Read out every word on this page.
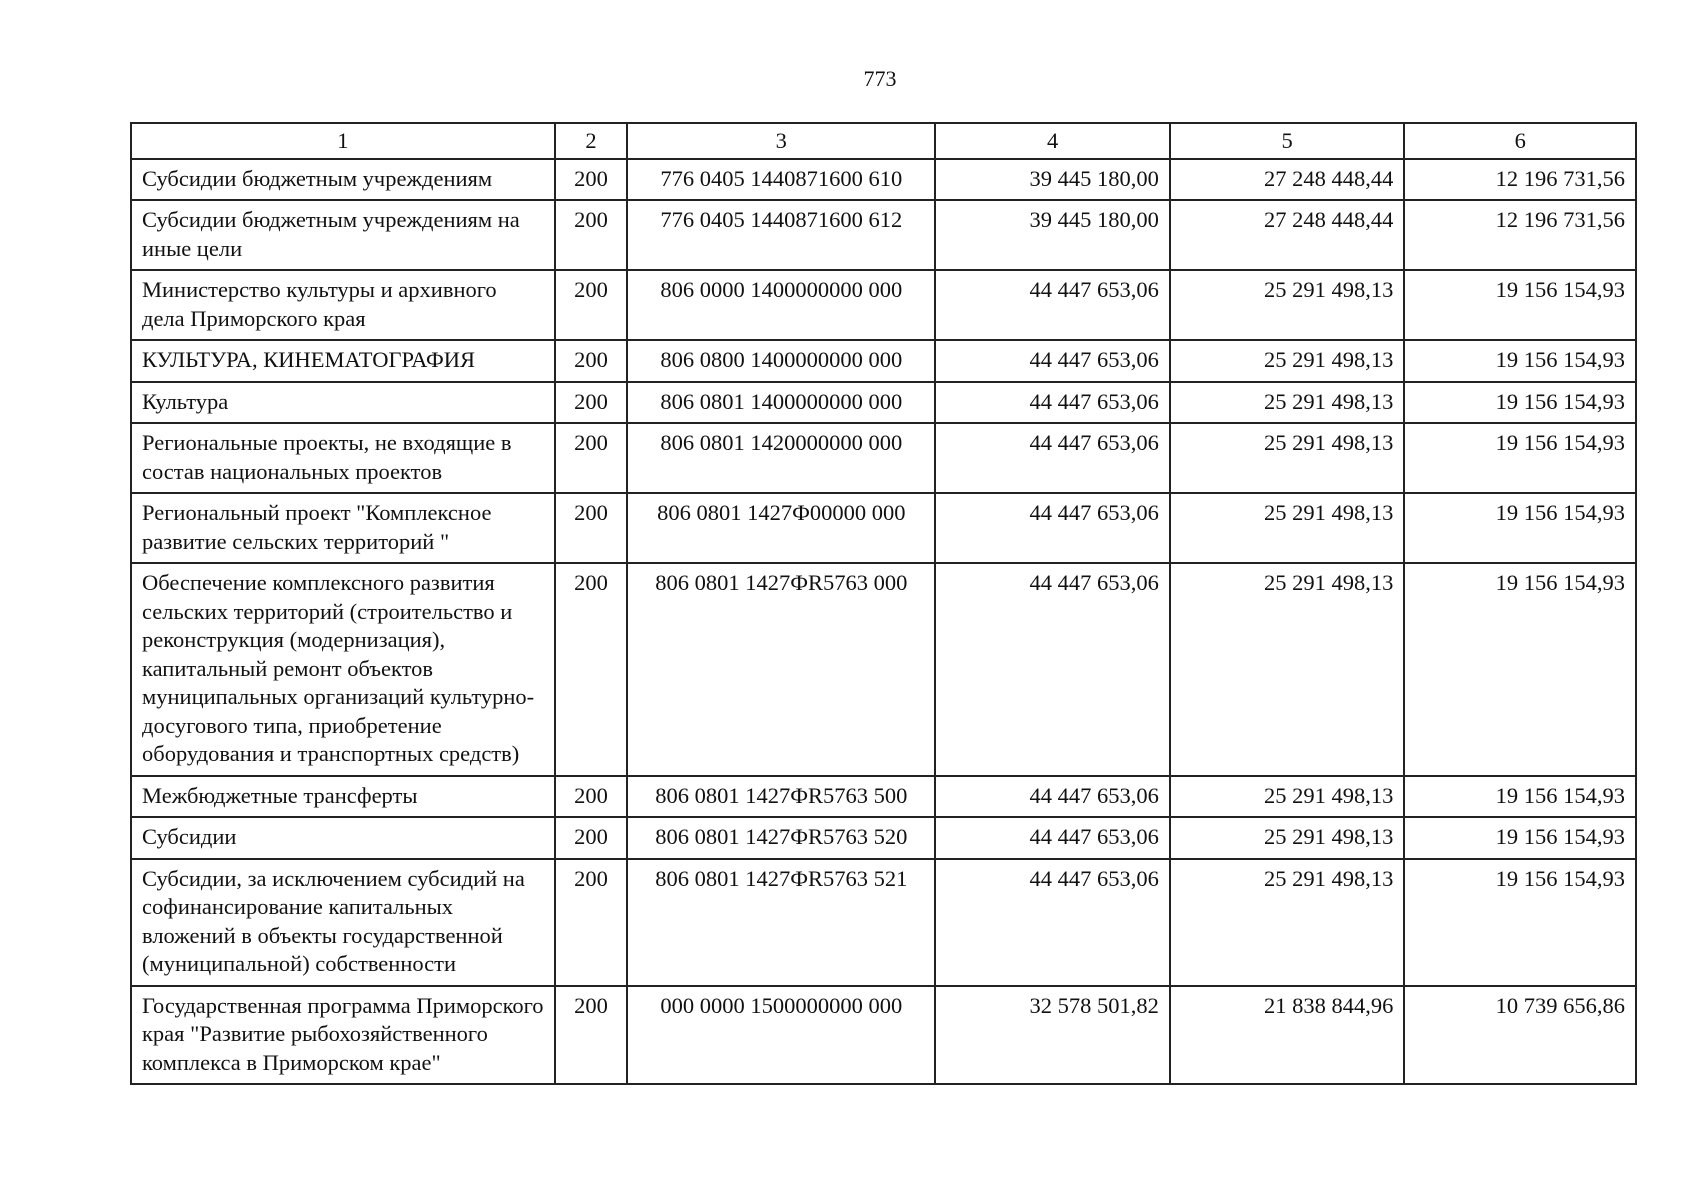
773
1	2	3	4	5	6
Субсидии бюджетным учреждениям	200	776 0405 1440871600 610	39 445 180,00	27 248 448,44	12 196 731,56
Субсидии бюджетным учреждениям на иные цели	200	776 0405 1440871600 612	39 445 180,00	27 248 448,44	12 196 731,56
Министерство культуры и архивного дела Приморского края	200	806 0000 1400000000 000	44 447 653,06	25 291 498,13	19 156 154,93
КУЛЬТУРА, КИНЕМАТОГРАФИЯ	200	806 0800 1400000000 000	44 447 653,06	25 291 498,13	19 156 154,93
Культура	200	806 0801 1400000000 000	44 447 653,06	25 291 498,13	19 156 154,93
Региональные проекты, не входящие в состав национальных проектов	200	806 0801 1420000000 000	44 447 653,06	25 291 498,13	19 156 154,93
Региональный проект "Комплексное развитие сельских территорий "	200	806 0801 1427Ф00000 000	44 447 653,06	25 291 498,13	19 156 154,93
Обеспечение комплексного развития сельских территорий (строительство и реконструкция (модернизация), капитальный ремонт объектов муниципальных организаций культурно-досугового типа, приобретение оборудования и транспортных средств)	200	806 0801 1427ФR5763 000	44 447 653,06	25 291 498,13	19 156 154,93
Межбюджетные трансферты	200	806 0801 1427ФR5763 500	44 447 653,06	25 291 498,13	19 156 154,93
Субсидии	200	806 0801 1427ФR5763 520	44 447 653,06	25 291 498,13	19 156 154,93
Субсидии, за исключением субсидий на софинансирование капитальных вложений в объекты государственной (муниципальной) собственности	200	806 0801 1427ФR5763 521	44 447 653,06	25 291 498,13	19 156 154,93
Государственная программа Приморского края "Развитие рыбохозяйственного комплекса в Приморском крае"	200	000 0000 1500000000 000	32 578 501,82	21 838 844,96	10 739 656,86
